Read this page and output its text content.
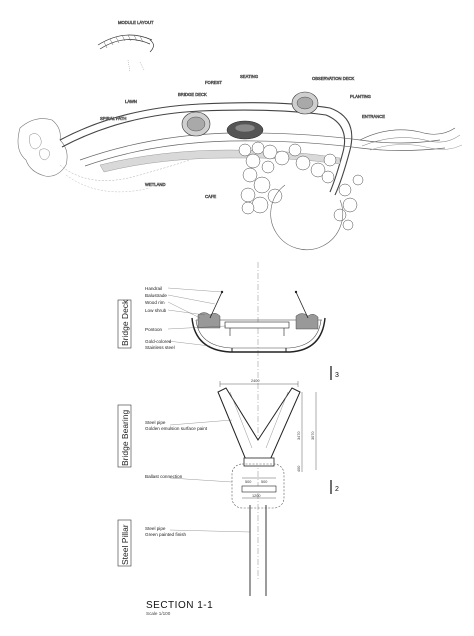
MODULE LAYOUT
SPIRAL PATH
BRIDGE DECK
OBSERVATION DECK
LAWN
FOREST
SEATING
PLANTING
ENTRANCE
WETLAND
CAFE
Bridge Deck
Bridge Bearing
Steel Pillar
Handrail
Balustrade
Wood rim
Low shrub
Pontoon
Gold-colored
Stainless steel
3
2
2400
3470	3070
400
Steel pipe
Golden emulsion surface paint
500	500
1200
Ballast connection
Steel pipe
Green painted finish
SECTION 1-1
Scale 1/100
